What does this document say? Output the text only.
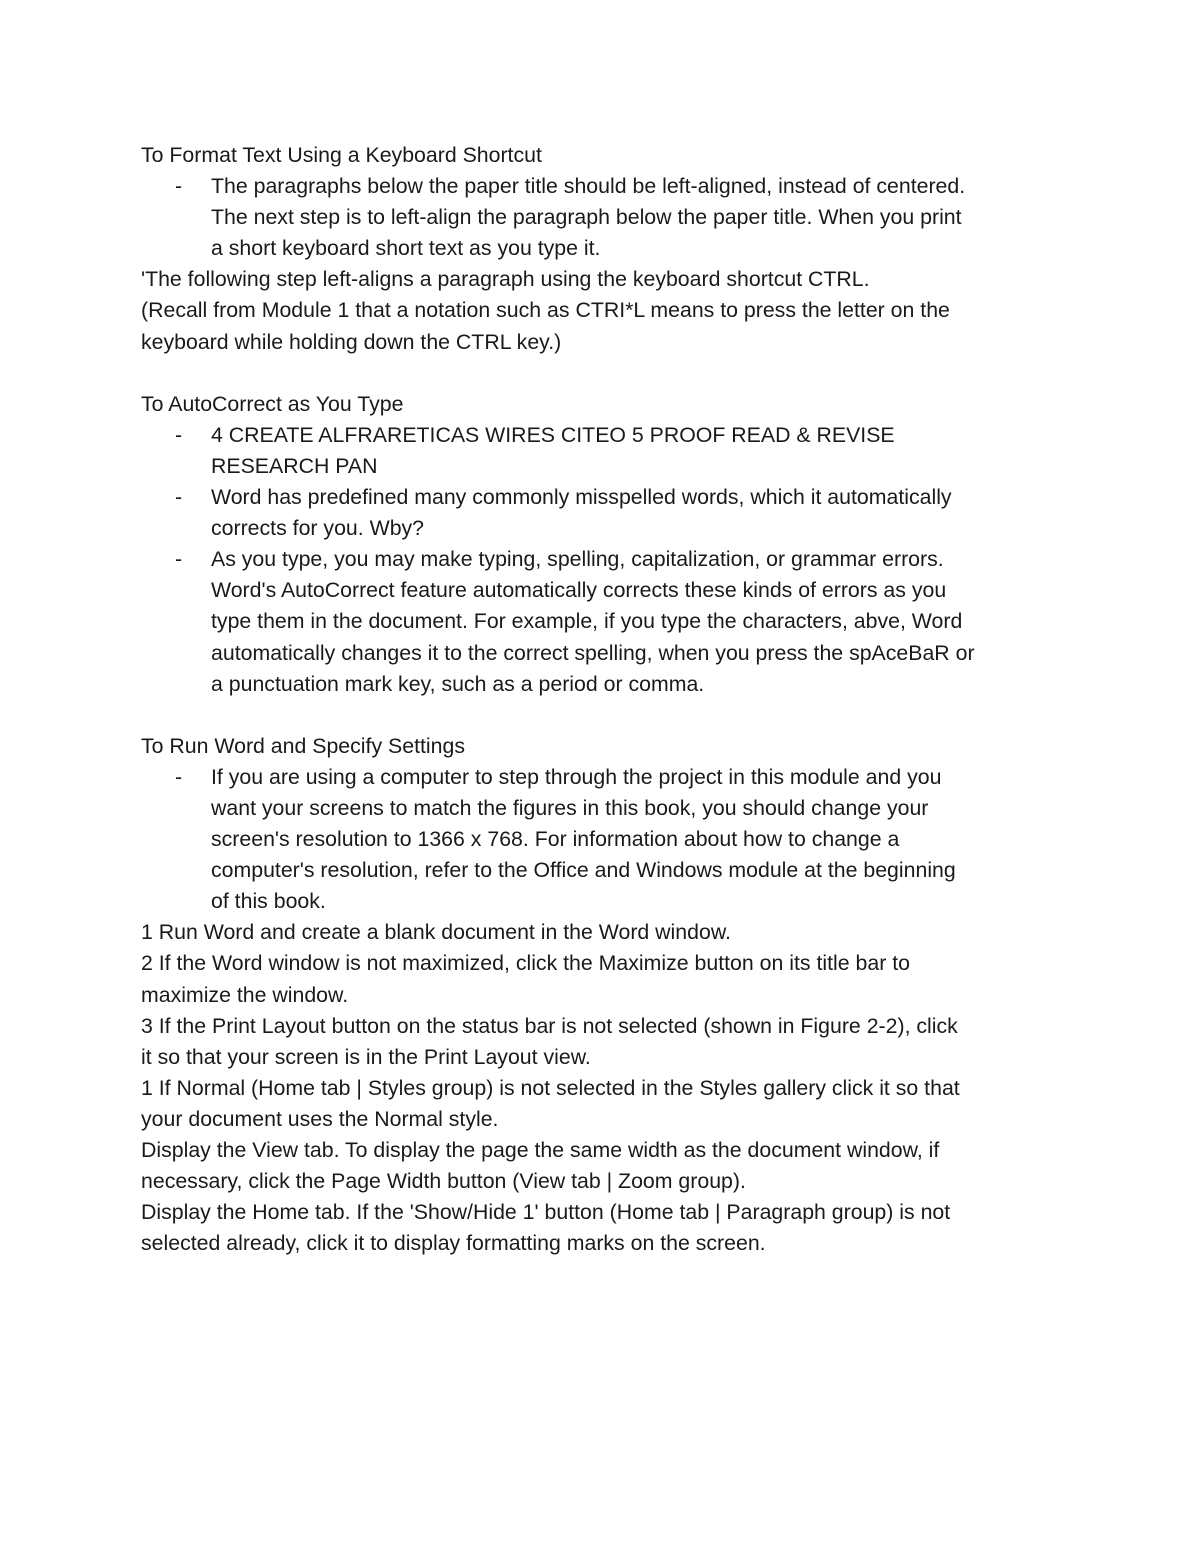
To Format Text Using a Keyboard Shortcut

- The paragraphs below the paper title should be left-aligned, instead of centered.
The next step is to left-align the paragraph below the paper title. When you print
a short keyboard short text as you type it.

'The following step left-aligns a paragraph using the keyboard shortcut CTRL.

(Recall from Module 1 that a notation such as CTRI*L means to press the letter on the

keyboard while holding down the CTRL key.)

To AutoCorrect as You Type

- 4 CREATE ALFRARETICAS WIRES CITEO 5 PROOF READ & REVISE
RESEARCH PAN
- Word has predefined many commonly misspelled words, which it automatically
corrects for you. Wby?
- As you type, you may make typing, spelling, capitalization, or grammar errors.
Word's AutoCorrect feature automatically corrects these kinds of errors as you
type them in the document. For example, if you type the characters, abve, Word
automatically changes it to the correct spelling, when you press the spAceBaR or
a punctuation mark key, such as a period or comma.

To Run Word and Specify Settings

- If you are using a computer to step through the project in this module and you
want your screens to match the figures in this book, you should change your
screen's resolution to 1366 x 768. For information about how to change a
computer's resolution, refer to the Office and Windows module at the beginning
of this book.

1 Run Word and create a blank document in the Word window.

2 If the Word window is not maximized, click the Maximize button on its title bar to

maximize the window.

3 If the Print Layout button on the status bar is not selected (shown in Figure 2-2), click

it so that your screen is in the Print Layout view.

1 If Normal (Home tab | Styles group) is not selected in the Styles gallery click it so that

your document uses the Normal style.

Display the View tab. To display the page the same width as the document window, if

necessary, click the Page Width button (View tab | Zoom group).

Display the Home tab. If the 'Show/Hide 1' button (Home tab | Paragraph group) is not

selected already, click it to display formatting marks on the screen.
